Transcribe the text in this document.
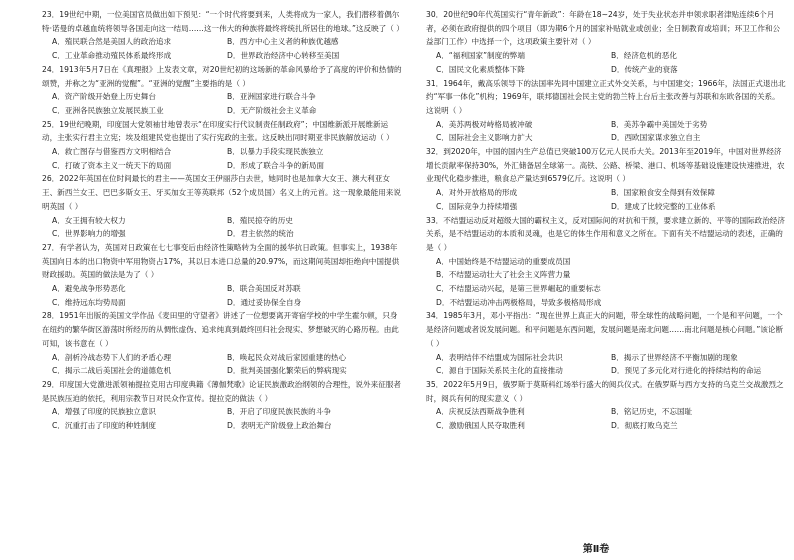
23．19世纪中期，一位美国官员做出如下预见：“一个时代将要到来，人类将成为一家人，我们潜移着偶尔特·诺曼的卓越血统将领导各国走向这一结局……这一伟大的种族将最终将统扎所居住的地球。”这反映了（ ）
A．殖民联合然是美国人的政治追求	B．西方中心主义者的种族优越感
C．工业革命推动殖民体系最终形成	D．世界政治经济中心转移至美国
24．1913年5月7日在《真理报》上发表文章，对20世纪初的这场新的革命风暴给予了高度的评价和热情的颂赞，并称之为“亚洲的觉醒”。“亚洲的觉醒”主要指的是（ ）
A．资产阶级开始登上历史舞台	B．亚洲国家进行联合斗争
C．亚洲各民族独立发展民族工业	D．无产阶级社会主义革命
25．19世纪晚期，印度国大党领袖甘地曾表示“在印度实行代议制责任制政府”；中国维新派开展维新运动，主张实行君主立宪；埃及组建民党也提出了实行宪政的主张。这反映出同时期亚非民族解放运动（ ）
A．救亡图存与借鉴西方文明相结合	B．以暴力手段实现民族独立
C．打破了资本主义一统天下的局面	D．形成了联合斗争的新局面
26．2022年英国在位时间最长的君主——英国女王伊丽莎白去世，她同时也是加拿大女王、澳大利亚女王、新西兰女王、巴巴多斯女王、牙买加女王等英联邦（52个成员国）名义上的元首。这一现象最能用来说明英国（ ）
A．女王拥有较大权力	B．殖民掠夺的历史
C．世界影响力的增强	D．君主依然的统治
27．有学者认为，英国对日政策在七七事变后由经济性策略转为全面的援华抗日政策。但事实上，1938年英国向日本的出口物资中军用物资占17%，其以日本进口总量的20.97%，而这期间英国却拒绝向中国提供财政援助。英国的做法是为了（ ）
A．避免战争形势恶化	B．联合美国反对苏联
C．维持远东均势局面	D．通过妥协保全自身
28．1951年出版的美国文学作品《麦田里的守望者》讲述了一位想要离开寄宿学校的中学生霍尔顿，只身在纽约的繁华街区游荡时所经历的从惆怅虚伪、追求纯真到最终回归社会现实、梦想破灭的心路历程。由此可知，该书意在（ ）
A．剖析冷战态势下人们的矛盾心理	B．唤起民众对战后家园重建的热心
C．揭示二战后美国社会的道德危机	D．批判美国强化繁荣后的弊病现实
29．印度国大党激进派领袖提拉克用古印度典籍《薄伽梵歌》论证民族激政治纲领的合理性，说外来征服者是民族压迫的依托，利用宗教节日对民众作宣传。提拉克的做法（ ）
A．增强了印度的民族独立意识	B．开启了印度民族民族的斗争
C．沉重打击了印度的种姓制度	D．表明无产阶级登上政治舞台
30．20世纪90年代英国实行“青年新政”：年龄在18~24岁，处于失业状态并申领求职者津贴连续6个月者，必须在政府提供的四个项目（即为期6个月的国家补贴就业或创业；全日制教育或培训；环卫工作和公益部门工作）中选择一个，这项政策主要针对（ ）
A．“福利国家”制度的弊端	B．经济危机的恶化
C．国民文化素质整体下降	D．传统产业的衰落
31．1964年，戴高乐领导下的法国率先同中国建立正式外交关系，与中国建交；1966年，法国正式退出北约“军事一体化”机构；1969年，联邦德国社会民主党的勃兰特上台后主张改善与苏联和东欧各国的关系。这说明（ ）
A．美苏两极对峙格局被冲破	B．美苏争霸中美国处于劣势
C．国际社会主义影响力扩大	D．西欧国家谋求独立自主
32．到2020年，中国的国内生产总值已突破100万亿元人民币大关。2013年至2019年，中国对世界经济增长贡献率保持30%，外汇储备居全球第一。高铁、公路、桥梁、港口、机场等基础设施建设快速推进，农业现代化稳步推进，粮食总产量达到6579亿斤。这说明（ ）
A．对外开放格局的形成	B．国家粮食安全得到有效保障
C．国际竞争力持续增强	D．建成了比较完整的工业体系
33．不结盟运动反对超级大国的霸权主义，反对国际间的对抗和干预，要求建立新的、平等的国际政治经济关系，是不结盟运动的本质和灵魂，也是它的体生作用和意义之所在。下面有关不结盟运动的表述，正确的是（ ）
A．中国始终是不结盟运动的重要成员国
B．不结盟运动壮大了社会主义阵营力量
C．不结盟运动兴起，是第三世界崛起的重要标志
D．不结盟运动冲击两极格局，导致多极格局形成
34．1985年3月，邓小平指出：“现在世界上真正大的问题，带全球性的战略问题，一个是和平问题，一个是经济问题或者说发展问题。和平问题是东西问题，发展问题是南北问题……南北问题是核心问题。”该论断（ ）
A．表明结伴不结盟成为国际社会共识	B．揭示了世界经济不平衡加剧的现象
C．源自于国际关系民主化的直接推动	D．预见了多元化对行进化的持续结构的命运
35．2022年5月9日，俄罗斯于莫斯科红场举行盛大的阅兵仪式。在俄罗斯与西方支持的乌克兰交战激烈之时，阅兵有何的现实意义（ ）
A．庆祝反法西斯战争胜利	B．铭记历史，不忘国耻
C．激励俄国人民夺取胜利	D．彻底打败乌克兰
第Ⅱ卷
